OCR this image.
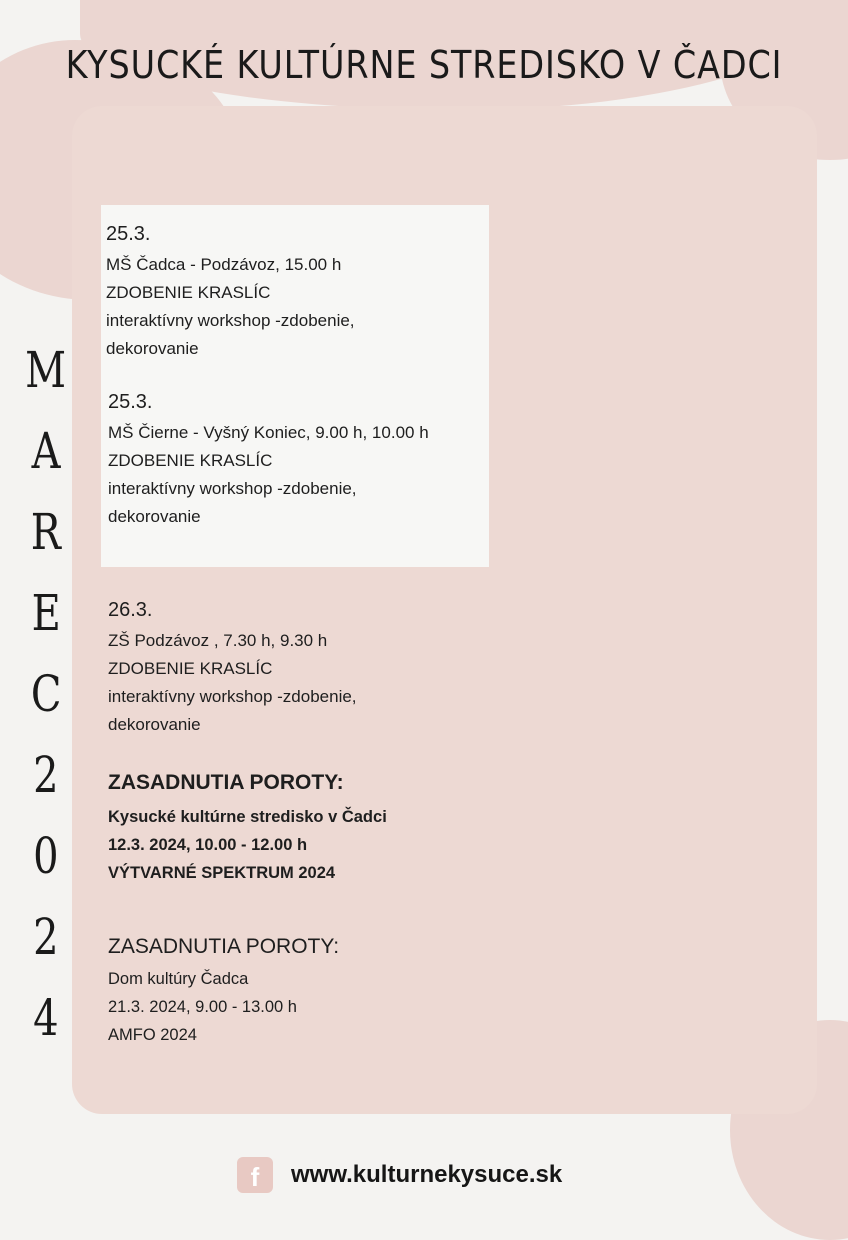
KYSUCKÉ KULTÚRNE STREDISKO V ČADCI
M
A
R
E
C
2
0
2
4
25.3.
MŠ Čadca - Podzávoz, 15.00 h
ZDOBENIE KRASLÍC
interaktívny workshop -zdobenie,
dekorovanie
25.3.
MŠ Čierne - Vyšný Koniec, 9.00 h, 10.00 h
ZDOBENIE KRASLÍC
interaktívny workshop -zdobenie,
dekorovanie
26.3.
ZŠ Podzávoz , 7.30 h, 9.30 h
ZDOBENIE KRASLÍC
interaktívny workshop -zdobenie,
dekorovanie
ZASADNUTIA POROTY:
Kysucké kultúrne stredisko v Čadci
12.3. 2024, 10.00 - 12.00 h
VÝTVARNÉ SPEKTRUM 2024
ZASADNUTIA POROTY:
Dom kultúry Čadca
21.3. 2024, 9.00 - 13.00 h
AMFO 2024
f	www.kulturnekysuce.sk
